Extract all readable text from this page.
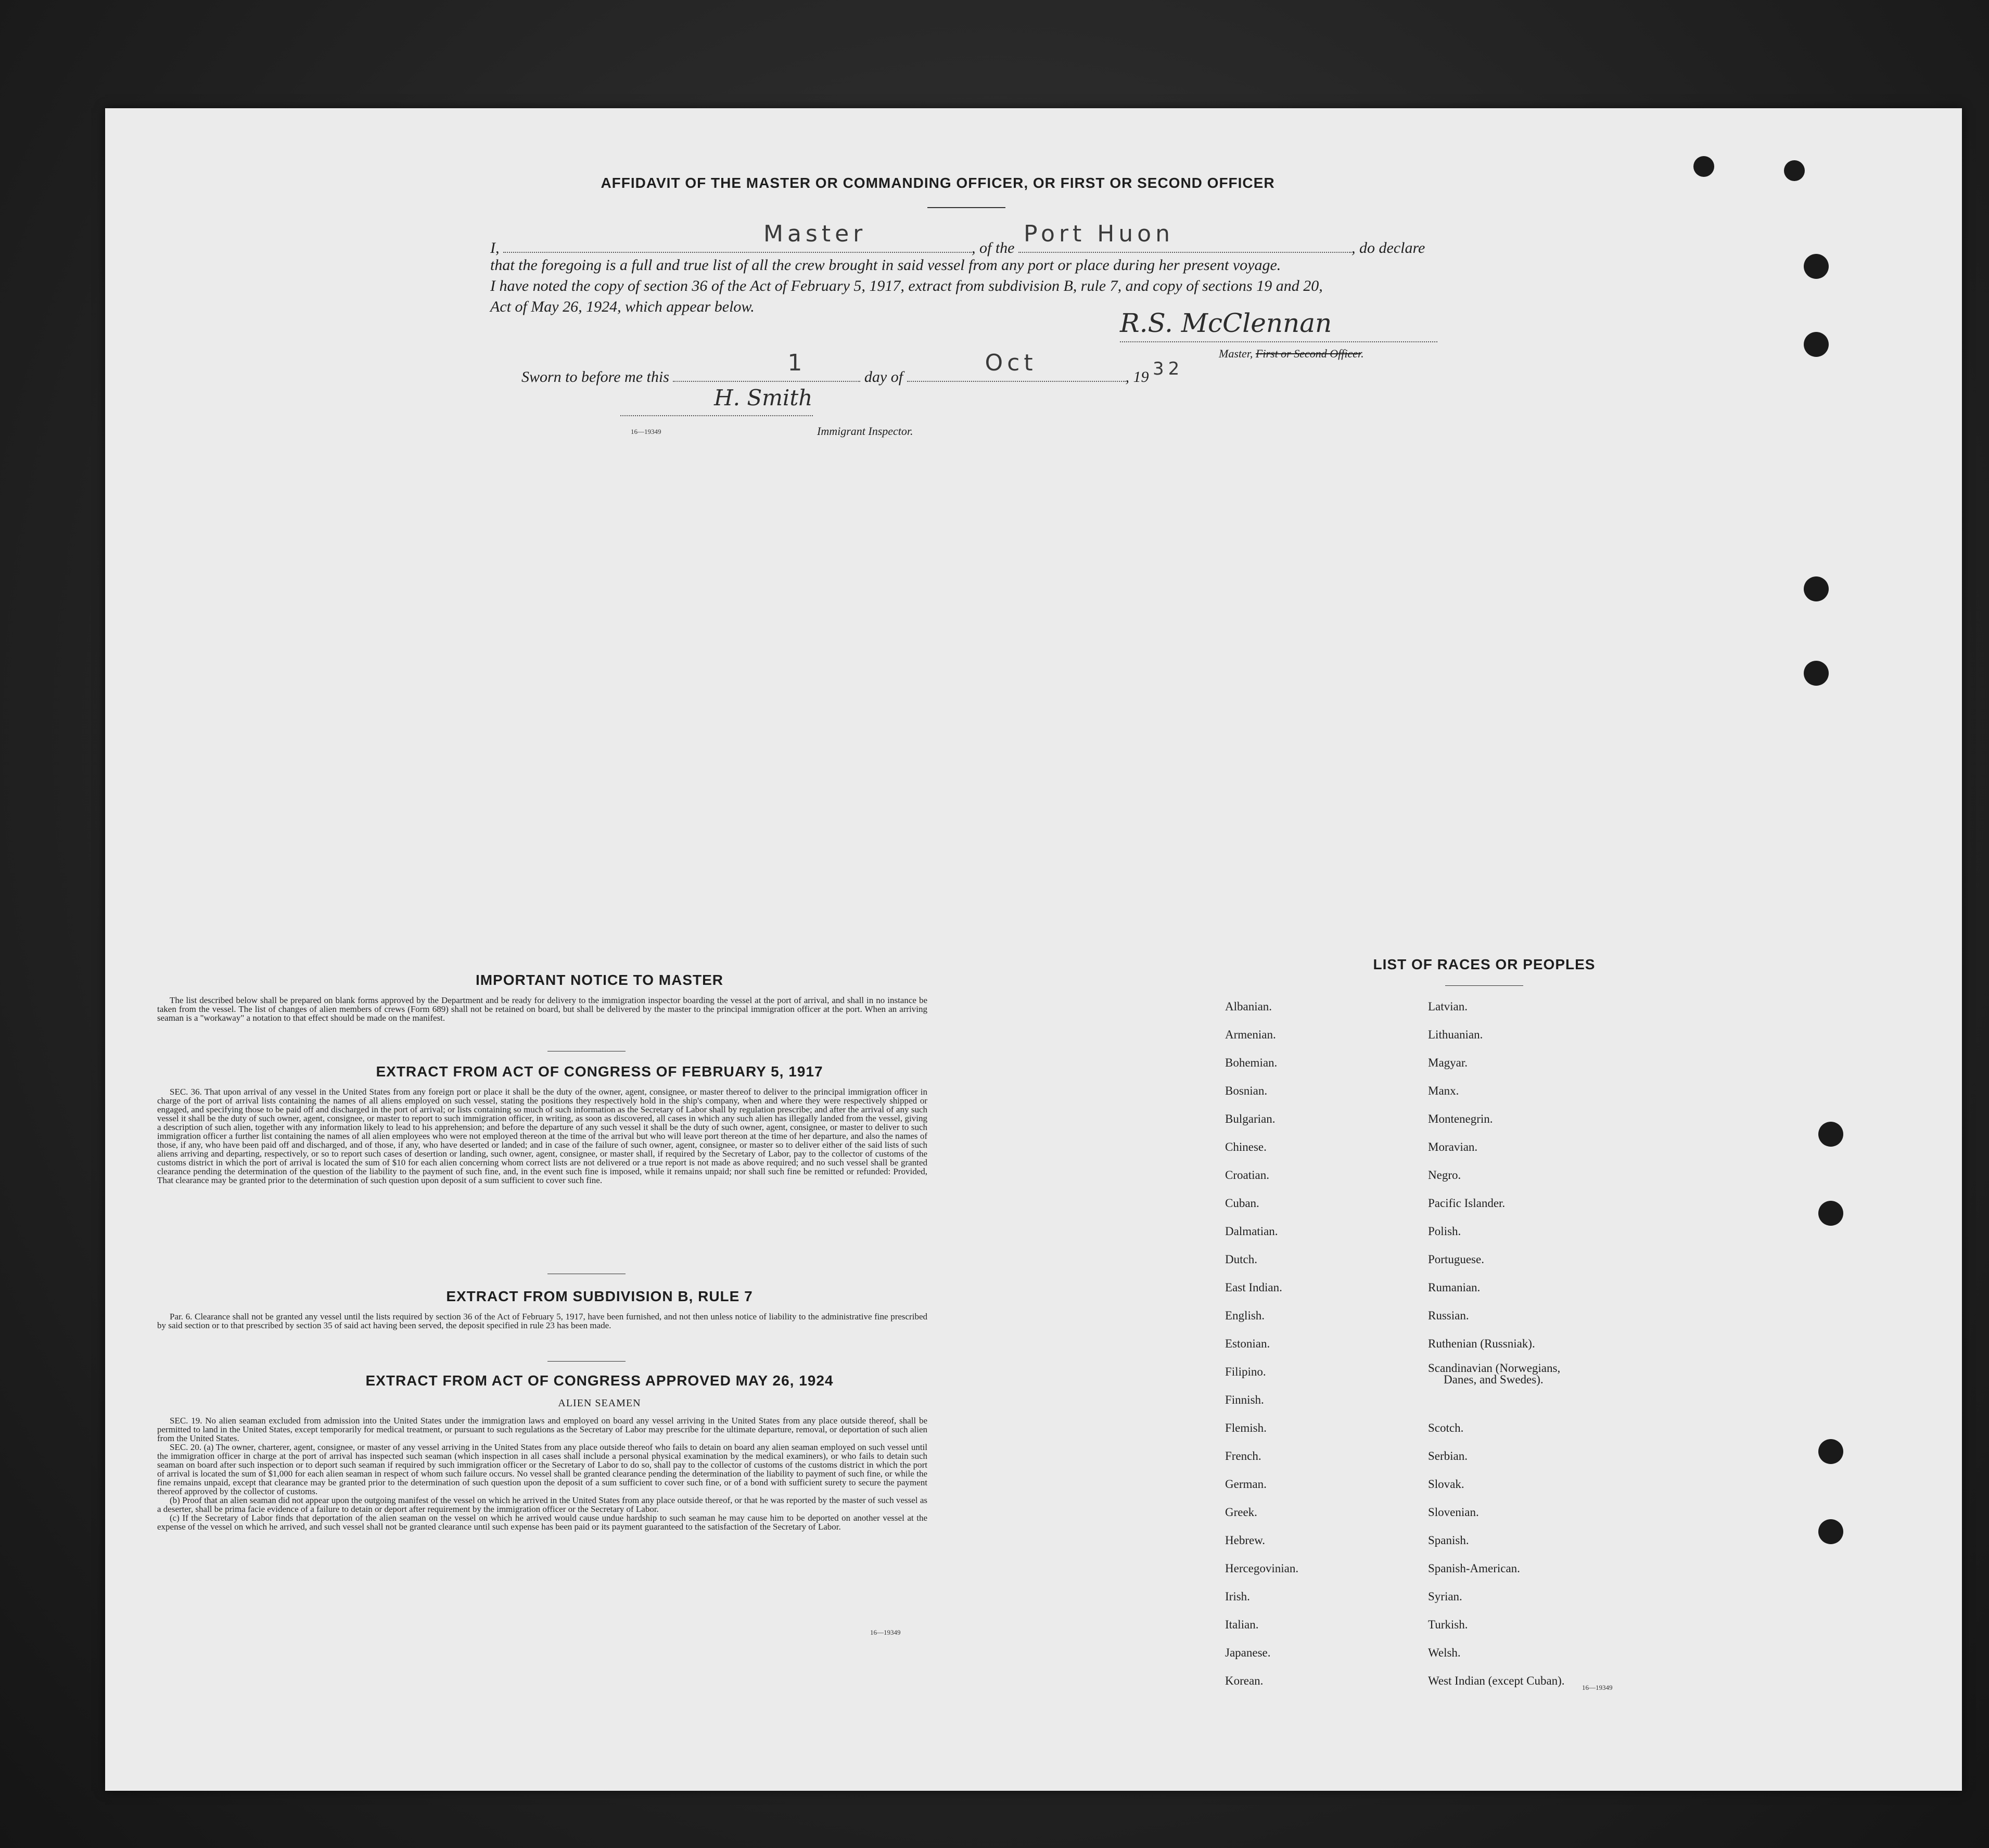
AFFIDAVIT OF THE MASTER OR COMMANDING OFFICER, OR FIRST OR SECOND OFFICER
I,
Master
, of the
Port Huon
, do declare
that the foregoing is a full and true list of all the crew brought in said vessel from any port or place during her present voyage.
I have noted the copy of section 36 of the Act of February 5, 1917, extract from subdivision B, rule 7, and copy of sections 19 and 20,
Act of May 26, 1924, which appear below.
R.S. McClennan
Master, First or Second Officer.
Sworn to before me this
1
day of
Oct
, 19 32
H. Smith
16—19349	Immigrant Inspector.
IMPORTANT NOTICE TO MASTER

The list described below shall be prepared on blank forms approved by the Department and be ready for delivery to the immigration inspector boarding the vessel at the port of arrival, and shall in no instance be taken from the vessel. The list of changes of alien members of crews (Form 689) shall not be retained on board, but shall be delivered by the master to the principal immigration officer at the port. When an arriving seaman is a "workaway" a notation to that effect should be made on the manifest.

EXTRACT FROM ACT OF CONGRESS OF FEBRUARY 5, 1917

SEC. 36. That upon arrival of any vessel in the United States from any foreign port or place it shall be the duty of the owner, agent, consignee, or master thereof to deliver to the principal immigration officer in charge of the port of arrival lists containing the names of all aliens employed on such vessel, stating the positions they respectively hold in the ship's company, when and where they were respectively shipped or engaged, and specifying those to be paid off and discharged in the port of arrival; or lists containing so much of such information as the Secretary of Labor shall by regulation prescribe; and after the arrival of any such vessel it shall be the duty of such owner, agent, consignee, or master to report to such immigration officer, in writing, as soon as discovered, all cases in which any such alien has illegally landed from the vessel, giving a description of such alien, together with any information likely to lead to his apprehension; and before the departure of any such vessel it shall be the duty of such owner, agent, consignee, or master to deliver to such immigration officer a further list containing the names of all alien employees who were not employed thereon at the time of the arrival but who will leave port thereon at the time of her departure, and also the names of those, if any, who have been paid off and discharged, and of those, if any, who have deserted or landed; and in case of the failure of such owner, agent, consignee, or master so to deliver either of the said lists of such aliens arriving and departing, respectively, or so to report such cases of desertion or landing, such owner, agent, consignee, or master shall, if required by the Secretary of Labor, pay to the collector of customs of the customs district in which the port of arrival is located the sum of $10 for each alien concerning whom correct lists are not delivered or a true report is not made as above required; and no such vessel shall be granted clearance pending the determination of the question of the liability to the payment of such fine, and, in the event such fine is imposed, while it remains unpaid; nor shall such fine be remitted or refunded: Provided, That clearance may be granted prior to the determination of such question upon deposit of a sum sufficient to cover such fine.

EXTRACT FROM SUBDIVISION B, RULE 7

Par. 6. Clearance shall not be granted any vessel until the lists required by section 36 of the Act of February 5, 1917, have been furnished, and not then unless notice of liability to the administrative fine prescribed by said section or to that prescribed by section 35 of said act having been served, the deposit specified in rule 23 has been made.

EXTRACT FROM ACT OF CONGRESS APPROVED MAY 26, 1924
ALIEN SEAMEN

SEC. 19. No alien seaman excluded from admission into the United States under the immigration laws and employed on board any vessel arriving in the United States from any place outside thereof, shall be permitted to land in the United States, except temporarily for medical treatment, or pursuant to such regulations as the Secretary of Labor may prescribe for the ultimate departure, removal, or deportation of such alien from the United States.

SEC. 20. (a) The owner, charterer, agent, consignee, or master of any vessel arriving in the United States from any place outside thereof who fails to detain on board any alien seaman employed on such vessel until the immigration officer in charge at the port of arrival has inspected such seaman (which inspection in all cases shall include a personal physical examination by the medical examiners), or who fails to detain such seaman on board after such inspection or to deport such seaman if required by such immigration officer or the Secretary of Labor to do so, shall pay to the collector of customs of the customs district in which the port of arrival is located the sum of $1,000 for each alien seaman in respect of whom such failure occurs. No vessel shall be granted clearance pending the determination of the liability to payment of such fine, or while the fine remains unpaid, except that clearance may be granted prior to the determination of such question upon the deposit of a sum sufficient to cover such fine, or of a bond with sufficient surety to secure the payment thereof approved by the collector of customs.

(b) Proof that an alien seaman did not appear upon the outgoing manifest of the vessel on which he arrived in the United States from any place outside thereof, or that he was reported by the master of such vessel as a deserter, shall be prima facie evidence of a failure to detain or deport after requirement by the immigration officer or the Secretary of Labor.

(c) If the Secretary of Labor finds that deportation of the alien seaman on the vessel on which he arrived would cause undue hardship to such seaman he may cause him to be deported on another vessel at the expense of the vessel on which he arrived, and such vessel shall not be granted clearance until such expense has been paid or its payment guaranteed to the satisfaction of the Secretary of Labor.

16—19349
LIST OF RACES OR PEOPLES
Albanian.
Armenian.
Bohemian.
Bosnian.
Bulgarian.
Chinese.
Croatian.
Cuban.
Dalmatian.
Dutch.
East Indian.
English.
Estonian.
Filipino.
Finnish.
Flemish.
French.
German.
Greek.
Hebrew.
Hercegovinian.
Irish.
Italian.
Japanese.
Korean.
Latvian.
Lithuanian.
Magyar.
Manx.
Montenegrin.
Moravian.
Negro.
Pacific Islander.
Polish.
Portuguese.
Rumanian.
Russian.
Ruthenian (Russniak).
Scandinavian (Norwegians,
Danes, and Swedes).
Scotch.
Serbian.
Slovak.
Slovenian.
Spanish.
Spanish-American.
Syrian.
Turkish.
Welsh.
West Indian (except Cuban).
16—19349
